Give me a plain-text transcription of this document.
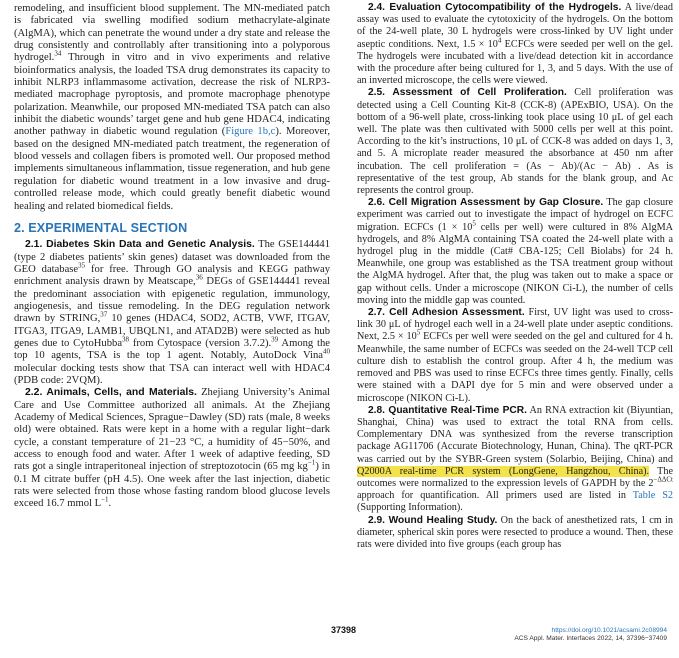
remodeling, and insufficient blood supplement. The MN-mediated patch is fabricated via swelling modified sodium methacrylate-alginate (AlgMA), which can penetrate the wound under a dry state and release the drug consistently and controllably after transitioning into a polyporous hydrogel.$^{34}$ Through in vitro and in vivo experiments and relative bioinformatics analysis, the loaded TSA drug demonstrates its capacity to inhibit NLRP3 inflammasome activation, decrease the risk of NLRP3-mediated macrophage pyroptosis, and promote macrophage phenotype polarization. Meanwhile, our proposed MN-mediated TSA patch can also inhibit the diabetic wounds’ target gene and hub gene HDAC4, indicating another pathway in diabetic wound regulation (Figure 1b,c). Moreover, based on the designed MN-mediated patch treatment, the regeneration of blood vessels and collagen fibers is promoted well. Our proposed method implements simultaneous inflammation, tissue regeneration, and hub gene regulation for diabetic wound treatment in a low invasive and drug-controlled release mode, which could greatly benefit diabetic wound healing and related biomedical fields.

2. EXPERIMENTAL SECTION

2.1. Diabetes Skin Data and Genetic Analysis. The GSE144441 (type 2 diabetes patients’ skin genes) dataset was downloaded from the GEO database$^{35}$ for free. Through GO analysis and KEGG pathway enrichment analysis drawn by Meatscape,$^{36}$ DEGs of GSE144441 reveal the predominant association with epigenetic regulation, immunology, angiogenesis, and tissue remodeling. In the DEG regulation network drawn by STRING,$^{37}$ 10 genes (HDAC4, SOD2, ACTB, VWF, ITGAV, ITGA3, ITGA9, LAMB1, UBQLN1, and ATAD2B) were selected as hub genes due to CytoHubba$^{38}$ from Cytospace (version 3.7.2).$^{39}$ Among the top 10 agents, TSA is the top 1 agent. Notably, AutoDock Vina$^{40}$ molecular docking tests show that TSA can interact well with HDAC4 (PDB code: 2VQM).

2.2. Animals, Cells, and Materials. Zhejiang University’s Animal Care and Use Committee authorized all animals. At the Zhejiang Academy of Medical Sciences, Sprague−Dawley (SD) rats (male, 8 weeks old) were obtained. Rats were kept in a home with a regular light−dark cycle, a constant temperature of 21−23 °C, a humidity of 45−50%, and access to enough food and water. After 1 week of adaptive feeding, SD rats got a single intraperitoneal injection of streptozotocin (65 mg $kg^{-1}$) in 0.1 M citrate buffer (pH 4.5). One week after the last injection, diabetic rats were selected from those whose fasting random blood glucose levels exceed 16.7 mmol $L^{-1}$.

2.4. Evaluation Cytocompatibility of the Hydrogels. A live/dead assay was used to evaluate the cytotoxicity of the hydrogels. On the bottom of the 24-well plate, 30 L hydrogels were cross-linked by UV light under aseptic conditions. Next, $1.5 \times 10^4$ ECFCs were seeded per well on the gel. The hydrogels were incubated with a live/dead detection kit in accordance with the procedure after being cultured for 1, 3, and 5 days. With the use of an inverted microscope, the cells were viewed.

2.5. Assessment of Cell Proliferation. Cell proliferation was detected using a Cell Counting Kit-8 (CCK-8) (APExBIO, USA). On the bottom of a 96-well plate, cross-linking took place using 10 μL of gel each well. The plate was then cultivated with 5000 cells per well at this point. According to the kit’s instructions, 10 μL of CCK-8 was added on days 1, 3, and 5. A microplate reader measured the absorbance at 450 nm after incubation. The cell proliferation = (As − Ab)/(Ac − Ab) . As is representative of the test group, Ab stands for the blank group, and Ac represents the control group.

2.6. Cell Migration Assessment by Gap Closure. The gap closure experiment was carried out to investigate the impact of hydrogel on ECFC migration. ECFCs ($1 \times 10^5$ cells per well) were cultured in 8% AlgMA hydrogels, and 8% AlgMA containing TSA coated the 24-well plate with a hydrogel plug in the middle (Cat# CBA-125; Cell Biolabs) for 24 h. Meanwhile, one group was established as the TSA treatment group without the AlgMA hydrogel. After that, the plug was taken out to make a space or gap without cells. Under a microscope (NIKON Ci-L), the number of cells moving into the middle gap was counted.

2.7. Cell Adhesion Assessment. First, UV light was used to cross-link 30 μL of hydrogel each well in a 24-well plate under aseptic conditions. Next, $2.5 \times 10^5$ ECFCs per well were seeded on the gel and cultured for 4 h. Meanwhile, the same number of ECFCs was seeded on the 24-well TCP cell culture dish to establish the control group. After 4 h, the medium was removed and PBS was used to rinse ECFCs three times gently. Finally, cells were stained with a DAPI dye for 5 min and were observed under a microscope (NIKON Ci-L).

2.8. Quantitative Real-Time PCR. An RNA extraction kit (Biyuntian, Shanghai, China) was used to extract the total RNA from cells. Complementary DNA was synthesized from the reverse transcription package AG11706 (Accurate Biotechnology, Hunan, China). The qRT-PCR was carried out by the SYBR-Green system (Solarbio, Beijing, China) and Q2000A real-time PCR system (LongGene, Hangzhou, China). The outcomes were normalized to the expression levels of GAPDH by the $2^{-\Delta\Delta Ct}$ approach for quantification. All primers used are listed in Table S2 (Supporting Information).

2.9. Wound Healing Study. On the back of anesthetized rats, 1 cm in diameter, spherical skin pores were resected to produce a wound. Then, these rats were divided into five groups (each group has

37398	https://doi.org/10.1021/acsami.2c08994
ACS Appl. Mater. Interfaces 2022, 14, 37396−37409
